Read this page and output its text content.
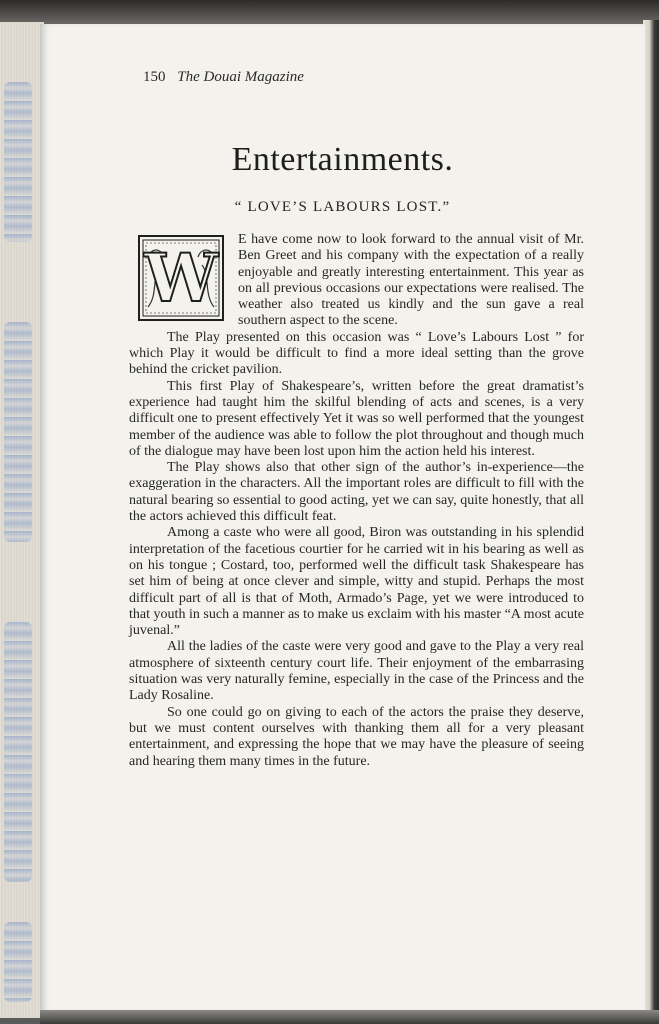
150 The Douai Magazine
Entertainments.
“ LOVE’S LABOURS LOST.”

W	E have come now to look forward to the annual visit of Mr. Ben Greet and his company with the expectation of a really enjoyable and greatly interesting entertainment. This year as on all previous occasions our expectations were realised. The weather also treated us kindly and the sun gave a real southern aspect to the scene.

The Play presented on this occasion was “ Love’s Labours Lost ” for which Play it would be difficult to find a more ideal setting than the grove behind the cricket pavilion.

This first Play of Shakespeare’s, written before the great dramatist’s experience had taught him the skilful blending of acts and scenes, is a very difficult one to present effectively Yet it was so well performed that the youngest member of the audience was able to follow the plot throughout and though much of the dialogue may have been lost upon him the action held his interest.

The Play shows also that other sign of the author’s in-experience—the exaggeration in the characters. All the important roles are difficult to fill with the natural bearing so essential to good acting, yet we can say, quite honestly, that all the actors achieved this difficult feat.

Among a caste who were all good, Biron was outstanding in his splendid interpretation of the facetious courtier for he carried wit in his bearing as well as on his tongue ; Costard, too, performed well the difficult task Shakespeare has set him of being at once clever and simple, witty and stupid. Perhaps the most difficult part of all is that of Moth, Armado’s Page, yet we were introduced to that youth in such a manner as to make us exclaim with his master “A most acute juvenal.”

All the ladies of the caste were very good and gave to the Play a very real atmosphere of sixteenth century court life. Their enjoyment of the embarrasing situation was very naturally femine, especially in the case of the Princess and the Lady Rosaline.

So one could go on giving to each of the actors the praise they deserve, but we must content ourselves with thanking them all for a very pleasant entertainment, and expressing the hope that we may have the pleasure of seeing and hearing them many times in the future.
